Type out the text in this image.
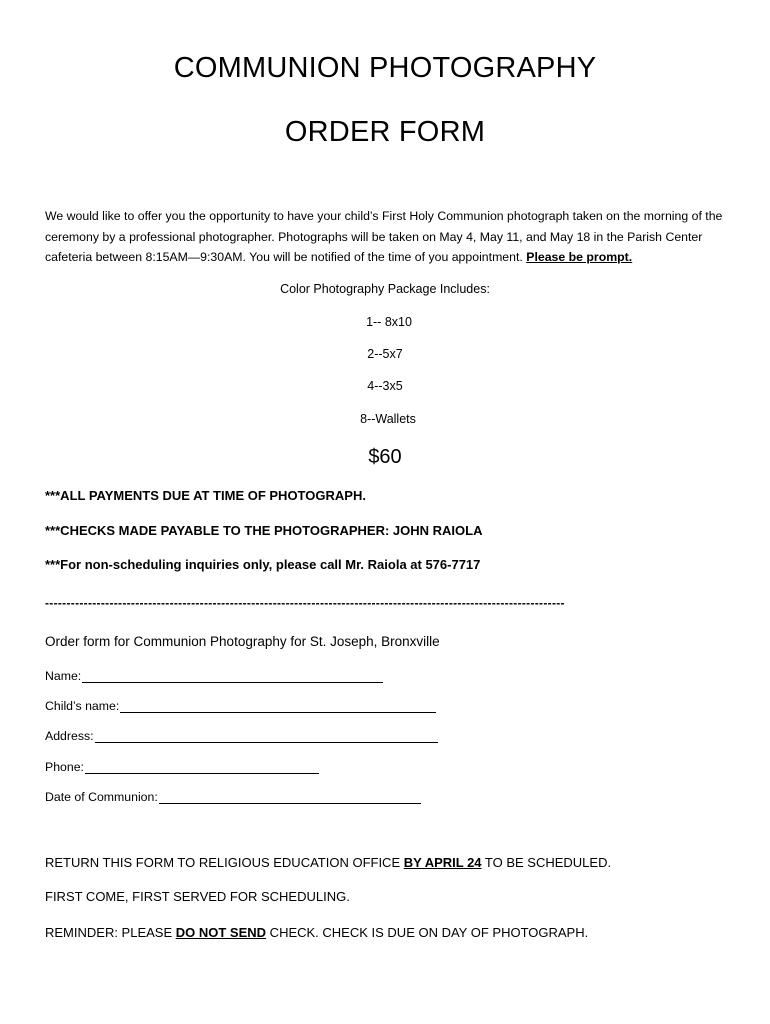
COMMUNION PHOTOGRAPHY
ORDER FORM

We would like to offer you the opportunity to have your child’s First Holy Communion photograph taken on the morning of the ceremony by a professional photographer. Photographs will be taken on May 4, May 11, and May 18 in the Parish Center cafeteria between 8:15AM—9:30AM. You will be notified of the time of you appointment. Please be prompt.

Color Photography Package Includes:

1-- 8x10

2--5x7

4--3x5

8--Wallets

$60

***ALL PAYMENTS DUE AT TIME OF PHOTOGRAPH.

***CHECKS MADE PAYABLE TO THE PHOTOGRAPHER: JOHN RAIOLA

***For non-scheduling inquiries only, please call Mr. Raiola at 576-7717

-------------------------------------------------------------------------------------------------------------------------

Order form for Communion Photography for St. Joseph, Bronxville

Name:
Child’s name:
Address:
Phone:
Date of Communion:

RETURN THIS FORM TO RELIGIOUS EDUCATION OFFICE BY APRIL 24 TO BE SCHEDULED.

FIRST COME, FIRST SERVED FOR SCHEDULING.

REMINDER: PLEASE DO NOT SEND CHECK. CHECK IS DUE ON DAY OF PHOTOGRAPH.
